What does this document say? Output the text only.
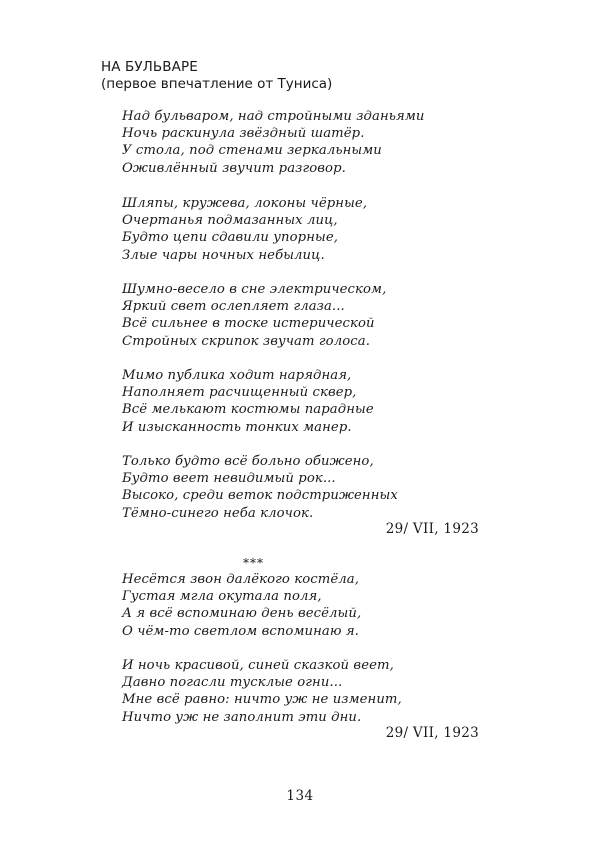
НА БУЛЬВАРЕ
(первое впечатление от Туниса)
Над бульваром, над стройными зданьями
Ночь раскинула звёздный шатёр.
У стола, под стенами зеркальными
Оживлённый звучит разговор.
Шляпы, кружева, локоны чёрные,
Очертанья подмазанных лиц,
Будто цепи сдавили упорные,
Злые чары ночных небылиц.
Шумно-весело в сне электрическом,
Яркий свет ослепляет глаза...
Всё сильнее в тоске истерической
Стройных скрипок звучат голоса.
Мимо публика ходит нарядная,
Наполняет расчищенный сквер,
Всё мелькают костюмы парадные
И изысканность тонких манер.
Только будто всё больно обижено,
Будто веет невидимый рок...
Высоко, среди веток подстриженных
Тёмно-синего неба клочок.
29/ VII, 1923
***
Несётся звон далёкого костёла,
Густая мгла окутала поля,
А я всё вспоминаю день весёлый,
О чём-то светлом вспоминаю я.
И ночь красивой, синей сказкой веет,
Давно погасли тусклые огни...
Мне всё равно: ничто уж не изменит,
Ничто уж не заполнит эти дни.
29/ VII, 1923
134
